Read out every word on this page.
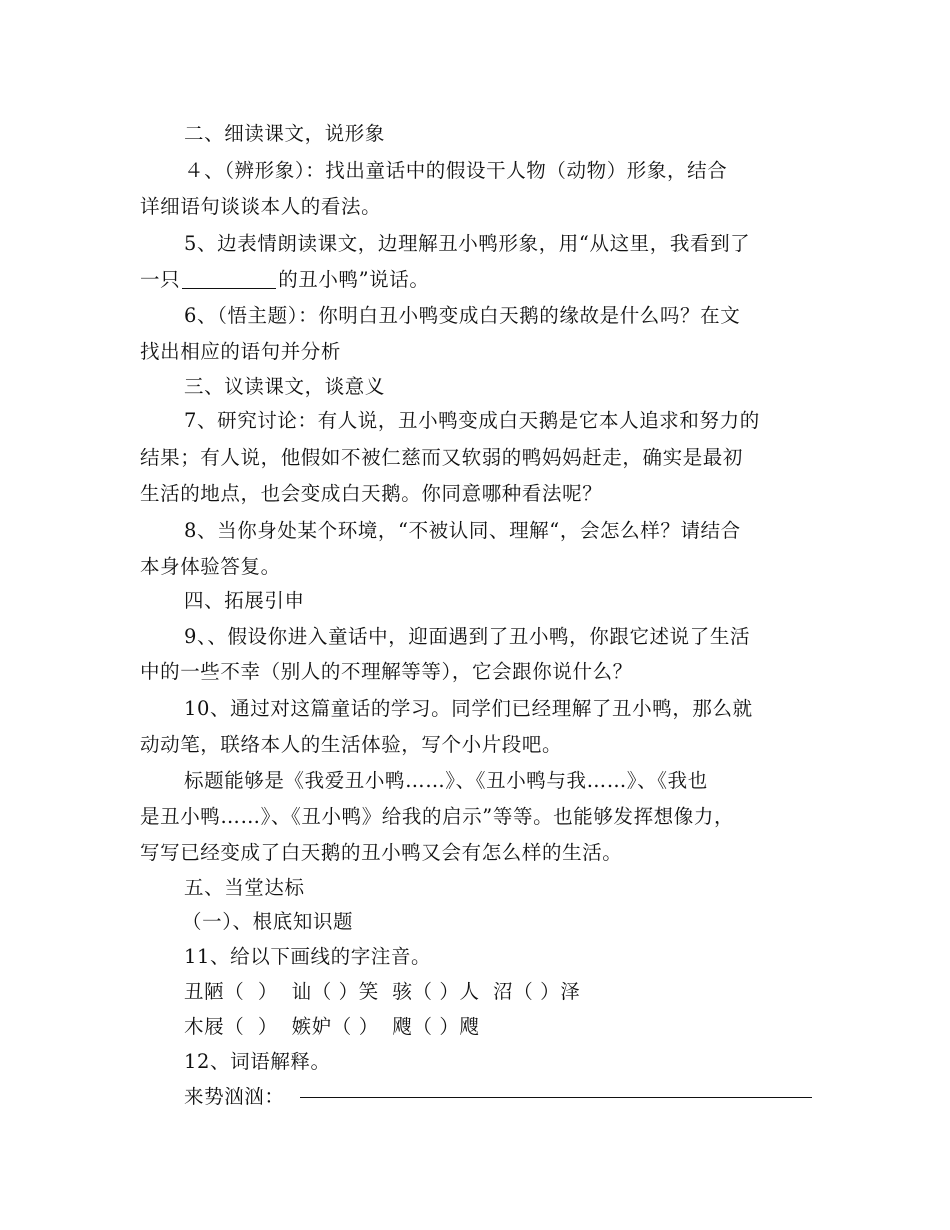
二、细读课文，说形象
４、（辨形象）：找出童话中的假设干人物（动物）形象，结合
详细语句谈谈本人的看法。
5、边表情朗读课文，边理解丑小鸭形象，用“从这里，我看到了
一只	的丑小鸭”说话。
6、（悟主题）：你明白丑小鸭变成白天鹅的缘故是什么吗？在文
找出相应的语句并分析
三、议读课文，谈意义
7、研究讨论：有人说，丑小鸭变成白天鹅是它本人追求和努力的
结果；有人说，他假如不被仁慈而又软弱的鸭妈妈赶走，确实是最初
生活的地点，也会变成白天鹅。你同意哪种看法呢？
8、当你身处某个环境，“不被认同、理解“，会怎么样？请结合
本身体验答复。
四、拓展引申
9、、假设你进入童话中，迎面遇到了丑小鸭，你跟它述说了生活
中的一些不幸（别人的不理解等等），它会跟你说什么？
10、通过对这篇童话的学习。同学们已经理解了丑小鸭，那么就
动动笔，联络本人的生活体验，写个小片段吧。
标题能够是《我爱丑小鸭……》、《丑小鸭与我……》、《我也
是丑小鸭……》、《丑小鸭》给我的启示”等等。也能够发挥想像力，
写写已经变成了白天鹅的丑小鸭又会有怎么样的生活。
五、当堂达标
（一）、根底知识题
11、给以下画线的字注音。
丑陋（  ）  讪（ ）笑  骇（ ）人  沼（ ）泽
木屐（  ）  嫉妒（ ）  飕（ ）飕
12、词语解释。
来势汹汹：
